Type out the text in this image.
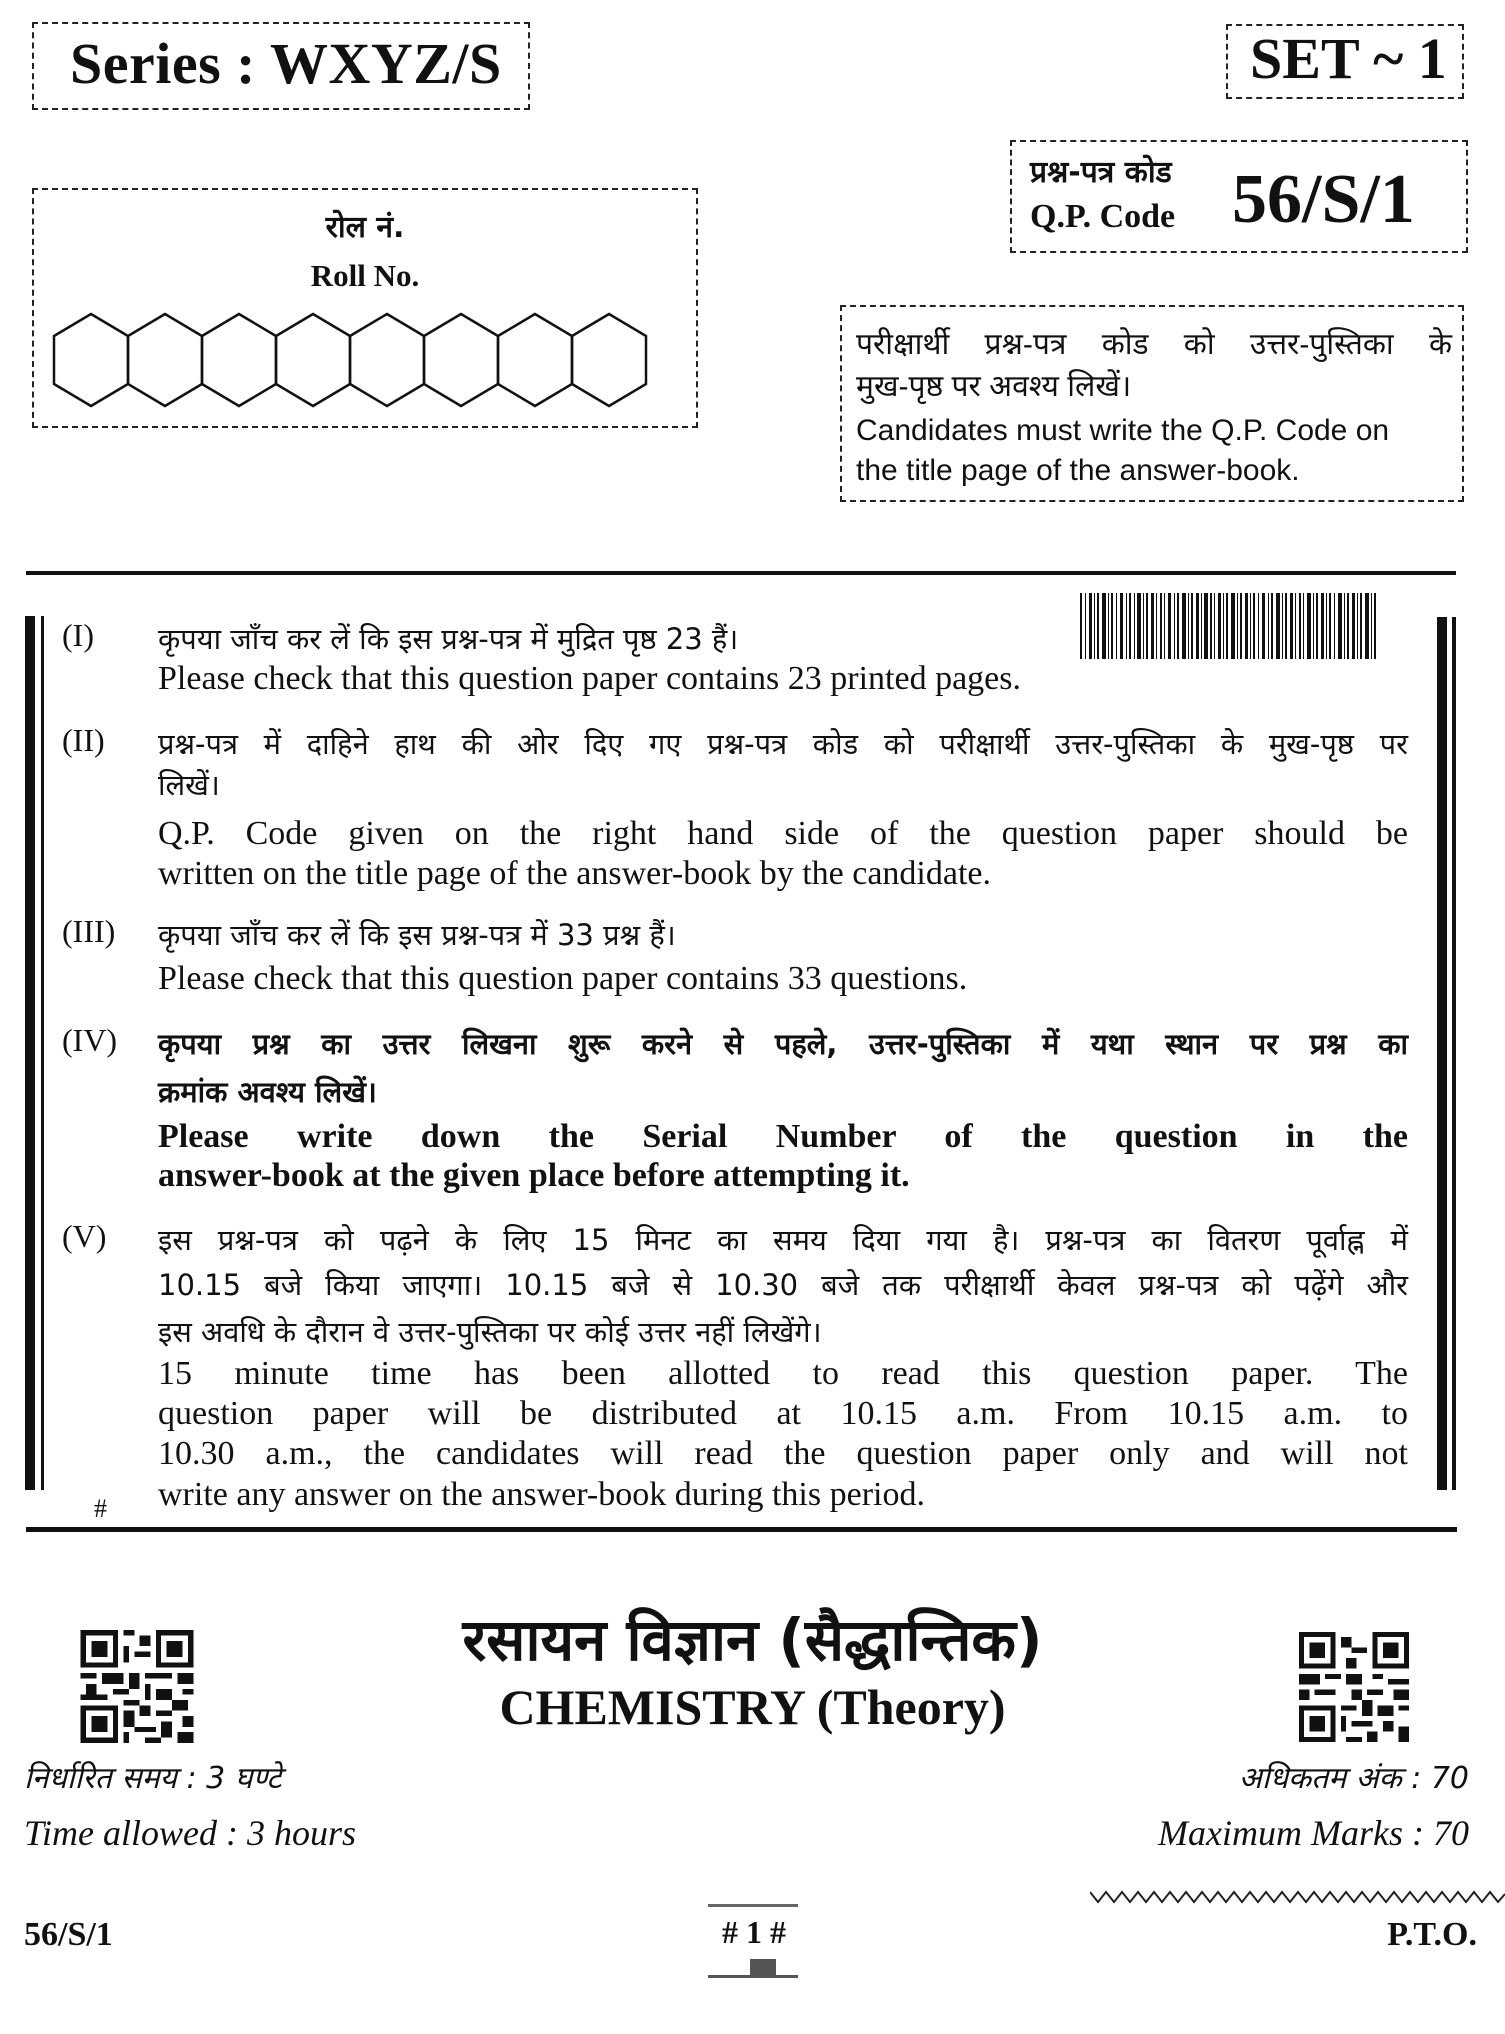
Series : WXYZ/S	SET ~ 1
प्रश्न-पत्र कोड
Q.P. Code 56/S/1
रोल नं.
Roll No.
परीक्षार्थी प्रश्न-पत्र कोड को उत्तर-पुस्तिका के
मुख-पृष्ठ पर अवश्य लिखें।
Candidates must write the Q.P. Code on
the title page of the answer-book.
(I) कृपया जाँच कर लें कि इस प्रश्न-पत्र में मुद्रित पृष्ठ 23 हैं।
Please check that this question paper contains 23 printed pages.
(II) प्रश्न-पत्र में दाहिने हाथ की ओर दिए गए प्रश्न-पत्र कोड को परीक्षार्थी उत्तर-पुस्तिका के मुख-पृष्ठ पर
लिखें।
Q.P. Code given on the right hand side of the question paper should be
written on the title page of the answer-book by the candidate.
(III) कृपया जाँच कर लें कि इस प्रश्न-पत्र में 33 प्रश्न हैं।
Please check that this question paper contains 33 questions.
(IV) कृपया प्रश्न का उत्तर लिखना शुरू करने से पहले, उत्तर-पुस्तिका में यथा स्थान पर प्रश्न का
क्रमांक अवश्य लिखें।
Please write down the Serial Number of the question in the
answer-book at the given place before attempting it.
(V) इस प्रश्न-पत्र को पढ़ने के लिए 15 मिनट का समय दिया गया है। प्रश्न-पत्र का वितरण पूर्वाह्न में
10.15 बजे किया जाएगा। 10.15 बजे से 10.30 बजे तक परीक्षार्थी केवल प्रश्न-पत्र को पढ़ेंगे और
इस अवधि के दौरान वे उत्तर-पुस्तिका पर कोई उत्तर नहीं लिखेंगे।
15 minute time has been allotted to read this question paper. The
question paper will be distributed at 10.15 a.m. From 10.15 a.m. to
10.30 a.m., the candidates will read the question paper only and will not
write any answer on the answer-book during this period.
#
रसायन विज्ञान (सैद्धान्तिक)
CHEMISTRY (Theory)
निर्धारित समय : 3 घण्टे
Time allowed : 3 hours
अधिकतम अंक : 70
Maximum Marks : 70
56/S/1	# 1 #	P.T.O.
